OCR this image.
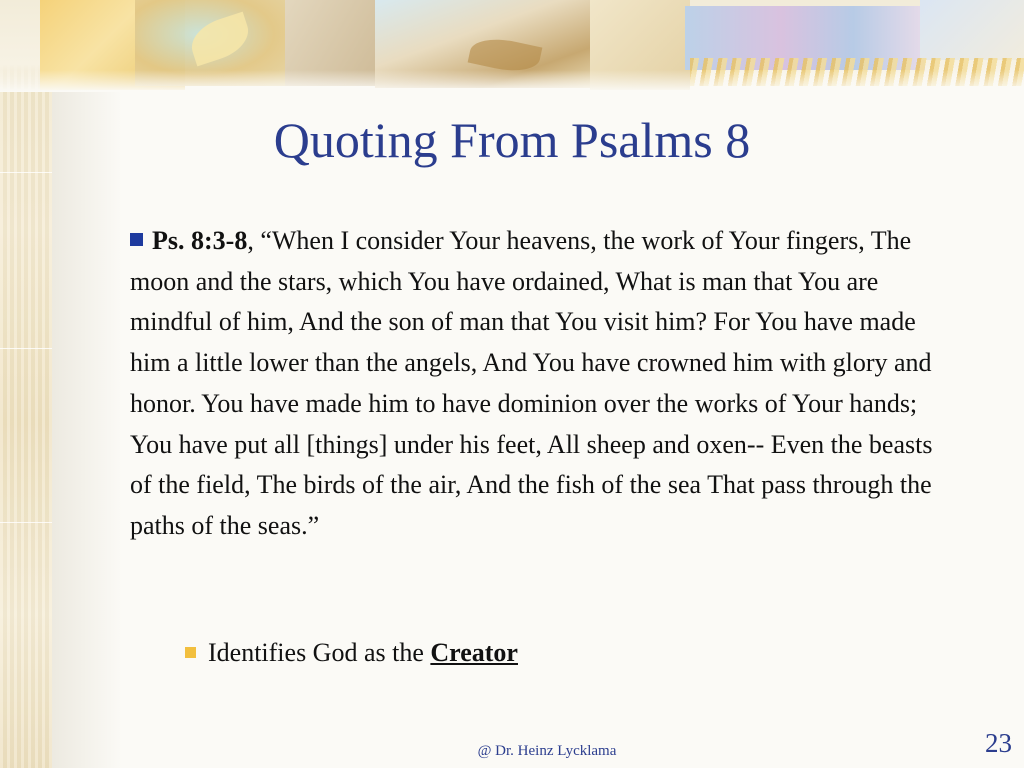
Quoting From Psalms 8
Ps. 8:3-8, “When I consider Your heavens, the work of Your fingers, The moon and the stars, which You have ordained, What is man that You are mindful of him, And the son of man that You visit him? For You have made him a little lower than the angels, And You have crowned him with glory and honor. You have made him to have dominion over the works of Your hands; You have put all [things] under his feet, All sheep and oxen-- Even the beasts of the field, The birds of the air, And the fish of the sea That pass through the paths of the seas.”
Identifies God as the Creator
@ Dr. Heinz Lycklama	23
